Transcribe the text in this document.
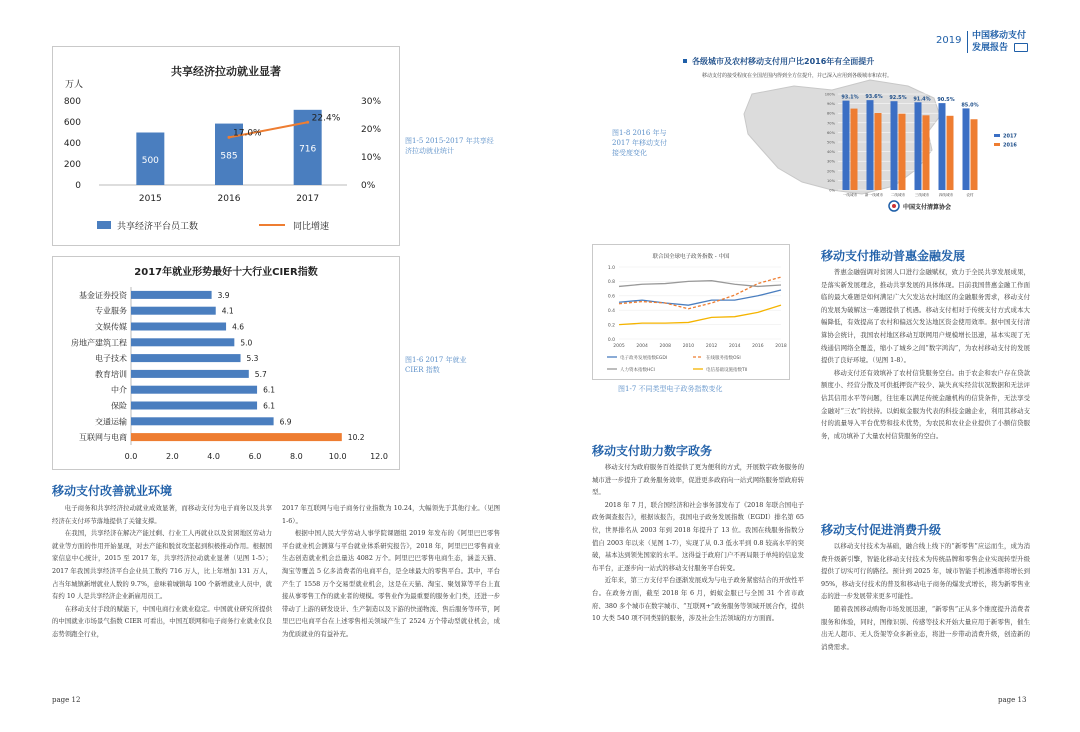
共享经济拉动就业显著
万人
0
200
400
600
800
0%
10%
20%
30%
500
2015
585
2016
716
2017
17.0%
22.4%
共享经济平台员工数	同比增速
图1-5 2015-2017 年共享经济拉动就业统计
2017年就业形势最好十大行业CIER指数
基金证券投资	3.9
专业服务	4.1
文娱传媒	4.6
房地产建筑工程	5.0
电子技术	5.3
教育培训	5.7
中介	6.1
保险	6.1
交通运输	6.9
互联网与电商	10.2
0.0	2.0	4.0	6.0	8.0	10.0	12.0
图1-6 2017 年就业 CIER 指数
移动支付改善就业环境

电子商务和共享经济拉动就业成效显著，而移动支付为电子商务以及共享经济在支付环节落地提供了关键支撑。

在我国，共享经济在解决产能过剩、行业工人再就业以及贫困地区劳动力就业等方面的作用开始显现，对去产能和脱贫攻坚起到积极推动作用。根据国家信息中心统计，2015 至 2017 年，共享经济拉动就业显著（见图 1-5）；2017 年我国共享经济平台企业员工数约 716 万人，比上年增加 131 万人，占当年城镇新增就业人数的 9.7%，意味着城镇每 100 个新增就业人员中，就有约 10 人是共享经济企业新雇用员工。

在移动支付手段的赋能下，中国电商行业就业稳定。中国就业研究所提供的中国就业市场景气指数 CIER 可看出，中国互联网和电子商务行业就业仅良态势领跑全行业，

2017 年互联网与电子商务行业指数为 10.24，大幅领先于其他行业。（见图 1-6）。

根据中国人民大学劳动人事学院课题组 2019 年发布的《阿里巴巴零售平台就业机会测算与平台就业体系研究报告》，2018 年，阿里巴巴零售商业生态创造就业机会总量达 4082 万个。阿里巴巴零售电商生态，涵盖天猫、淘宝等覆盖 5 亿多消费者的电商平台，是全球最大的零售平台。其中，平台产生了 1558 万个交易型就业机会，这是在天猫、淘宝、聚划算等平台上直接从事零售工作的就业者的规模。零售业作为最重要的服务业门类，还进一步带动了上游的研发设计、生产制造以及下游的快递物流、售后服务等环节，阿里巴巴电商平台在上述零售相关领域产生了 2524 万个带动型就业机会，成为优质就业的有益补充。

page 12
2019 中国移动支付
发展报告
各级城市及农村移动支付用户比2016年有全面提升
移动支付的接受程度在全国范围内得到全方位提升，并已深入应用到各级城市和农村。
0%
10%
20%
30%
40%
50%
60%
70%
80%
90%
100%
93.1%
一线城市
93.6%
新一线城市
92.5%
二线城市
91.4%
三线城市
90.5%
四线城市
85.0%
农村
2017
2016
中国支付清算协会
图1-8 2016 年与 2017 年移动支付接受度变化
联合国全球电子政务指数 - 中国
0.0
0.2
0.4
0.6
0.8
1.0
2005	2004	2008	2010	2012	2014	2016	2018
电子政务发展指数EGDI	在线服务指数OSI
人力资本指数HCI	电信基础设施指数TII
图1-7 不同类型电子政务指数变化
移动支付助力数字政务

移动支付为政府服务百姓提供了更为便利的方式，开展数字政务服务的城市进一步提升了政务服务效率，促进更多政府向一站式网络服务型政府转型。

2018 年 7 月，联合国经济和社会事务部发布了《2018 年联合国电子政务调查报告》，根据该报告，我国电子政务发展指数（EGDI）排名第 65 位，世界排名从 2003 年到 2018 年提升了 13 位。我国在线服务指数分值自 2003 年以来（见图 1-7），实现了从 0.3 低水平到 0.8 较高水平的突破，基本达到领先国家的水平。这得益于政府门户不再局限于单纯的信息发布平台，正逐步向一站式的移动支付服务平台转变。

近年来，第三方支付平台逐渐发展成为与电子政务紧密结合的开放性平台。在政务方面，截至 2018 年 6 月，蚂蚁金服已与全国 31 个省市政府、380 多个城市在数字城市、“互联网+”政务服务等领域开展合作，提供 10 大类 540 项不同类别的服务，涉及社会生活领域的方方面面。

移动支付推动普惠金融发展

普惠金融强调对贫困人口进行金融赋权，致力于全民共享发展成果，是落实新发展理念，推动共享发展的具体体现。目前我国普惠金融工作面临的最大难题是如何满足广大欠发达农村地区的金融服务需求，移动支付的发展为破解这一难题提供了机遇。移动支付相对于传统支付方式成本大幅降低，有效提高了农村和偏远欠发达地区资金使用效率。据中国支付清算协会统计，我国农村地区移动互联网用户规模增长迅速，基本实现了无线通信网络全覆盖，缩小了城乡之间“数字鸿沟”，为农村移动支付的发展提供了良好环境。（见图 1-8）。

移动支付还有效填补了农村信贷服务空白。由于农企和农户存在贷款额度小、经营分散及可供抵押资产较少、缺失真实经营状况数据和无法评估其信用水平等问题，往往难以满足传统金融机构的信贷条件，无法享受金融对“三农”的扶持。以蚂蚁金服为代表的科技金融企业，利用其移动支付的流量导入平台优势和技术优势，为农民和农业企业提供了小额信贷服务，成功填补了大量农村信贷服务的空白。

移动支付促进消费升级

以移动支付技术为基础，融合线上线下的“新零售”应运而生，成为消费升级新引擎，智能化移动支付技术为传统品牌和零售企业实现转型升级提供了切实可行的路径。预计到 2025 年，城市智能手机渗透率将增长到 95%，移动支付技术的普及和移动电子商务的爆发式增长，将为新零售业态的进一步发展带来更多可能性。

随着我国移动购物市场发展迅速，“新零售”正从多个维度提升消费者服务和体验，同时，图像识别、传感等技术开始大量应用于新零售，催生出无人超市、无人货架等众多新业态，将进一步带动消费升级，创造新的消费需求。

page 13
